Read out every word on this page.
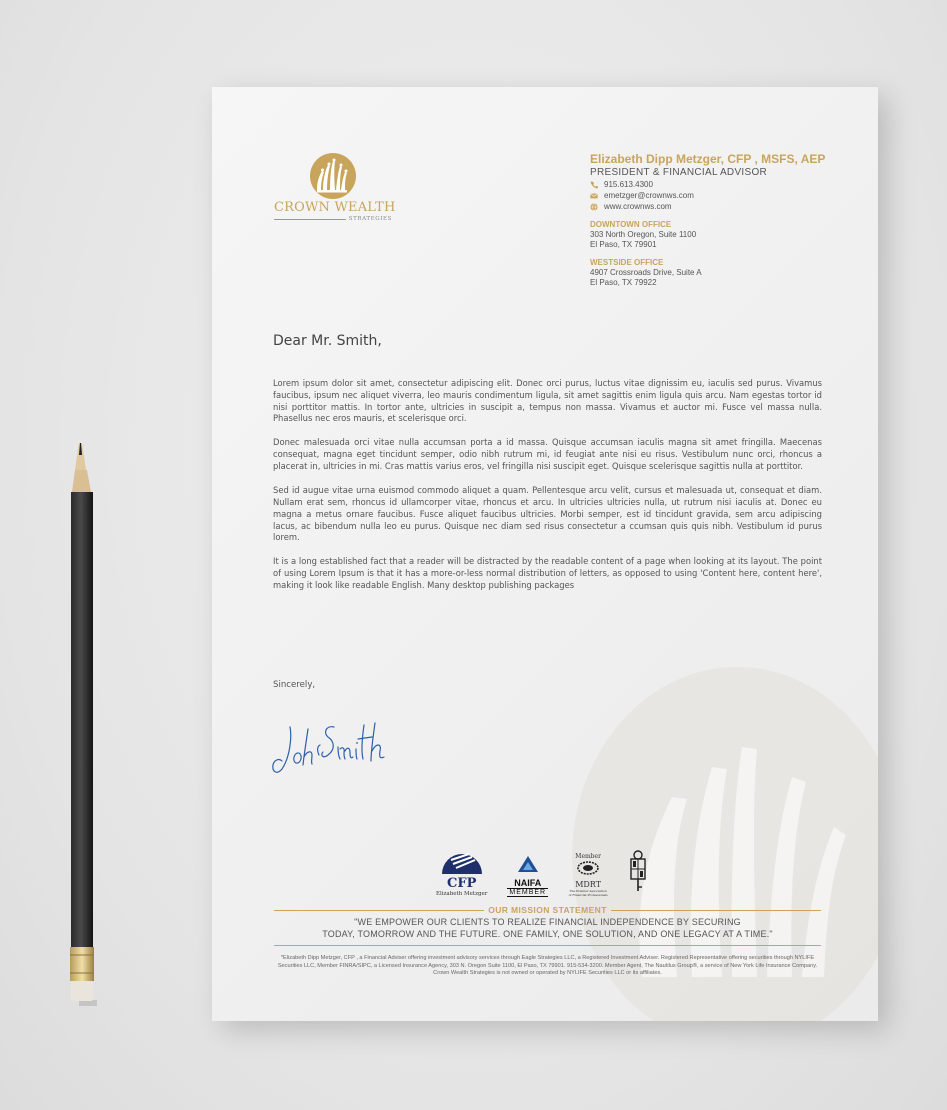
CROWN WEALTH
STRATEGIES
Elizabeth Dipp Metzger, CFP , MSFS, AEP
PRESIDENT & FINANCIAL ADVISOR
915.613.4300
emetzger@crownws.com
www.crownws.com
DOWNTOWN OFFICE
303 North Oregon, Suite 1100
El Paso, TX 79901
WESTSIDE OFFICE
4907 Crossroads Drive, Suite A
El Paso, TX 79922
Dear Mr. Smith,

Lorem ipsum dolor sit amet, consectetur adipiscing elit. Donec orci purus, luctus vitae dignissim eu, iaculis sed purus. Vivamus faucibus, ipsum nec aliquet viverra, leo mauris condimentum ligula, sit amet sagittis enim ligula quis arcu. Nam egestas tortor id nisi porttitor mattis. In tortor ante, ultricies in suscipit a, tempus non massa. Vivamus et auctor mi. Fusce vel massa nulla. Phasellus nec eros mauris, et scelerisque orci.

Donec malesuada orci vitae nulla accumsan porta a id massa. Quisque accumsan iaculis magna sit amet fringilla. Maecenas consequat, magna eget tincidunt semper, odio nibh rutrum mi, id feugiat ante nisi eu risus. Vestibulum nunc orci, rhoncus a placerat in, ultricies in mi. Cras mattis varius eros, vel fringilla nisi suscipit eget. Quisque scelerisque sagittis nulla at porttitor.

Sed id augue vitae urna euismod commodo aliquet a quam. Pellentesque arcu velit, cursus et malesuada ut, consequat et diam. Nullam erat sem, rhoncus id ullamcorper vitae, rhoncus et arcu. In ultricies ultricies nulla, ut rutrum nisi iaculis at. Donec eu magna a metus ornare faucibus. Fusce aliquet faucibus ultricies. Morbi semper, est id tincidunt gravida, sem arcu adipiscing lacus, ac bibendum nulla leo eu purus. Quisque nec diam sed risus consectetur a ccumsan quis quis nibh. Vestibulum id purus lorem.

It is a long established fact that a reader will be distracted by the readable content of a page when looking at its layout. The point of using Lorem Ipsum is that it has a more-or-less normal distribution of letters, as opposed to using 'Content here, content here', making it look like readable English. Many desktop publishing packages

Sincerely,
CFP
Elizabeth Metzger
NAIFA
MEMBER
Member
MDRT
The Premier Association of Financial Professionals
OUR MISSION STATEMENT
"WE EMPOWER OUR CLIENTS TO REALIZE FINANCIAL INDEPENDENCE BY SECURING
TODAY, TOMORROW AND THE FUTURE. ONE FAMILY, ONE SOLUTION, AND ONE LEGACY AT A TIME."
*Elizabeth Dipp Metzger, CFP , a Financial Adviser offering investment advisory services through Eagle Strategies LLC, a Registered Investment Adviser. Registered Representative offering securities through NYLIFE Securities LLC, Member FINRA/SIPC, a Licensed Insurance Agency, 303 N. Oregon Suite 1100, El Paso, TX 79901. 915-534-3200. Member Agent, The Nautilus Group®, a service of New York Life Insurance Company. Crown Wealth Strategies is not owned or operated by NYLIFE Securities LLC or its affiliates.
